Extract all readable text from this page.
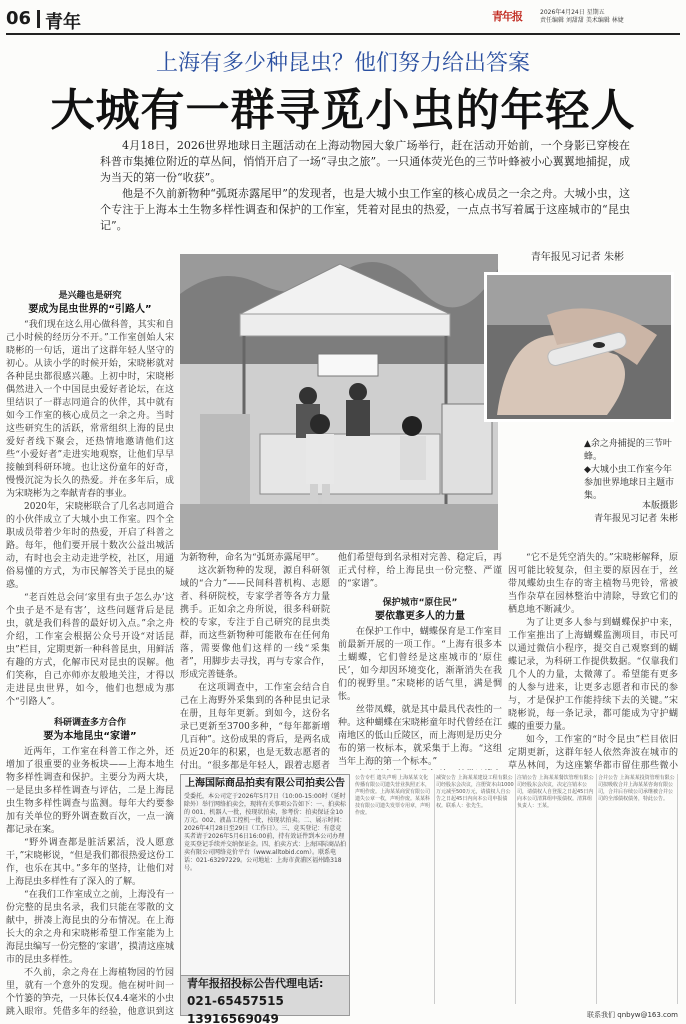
06 青年	青年报	2026年4月24日 星期五
责任编辑 刘甜甜 美术编辑 林婕
上海有多少种昆虫？他们努力给出答案
大城有一群寻觅小虫的年轻人

4月18日，2026世界地球日主题活动在上海动物园大象广场举行，赶在活动开始前，一个身影已穿梭在科普市集摊位附近的草丛间，悄悄开启了一场“寻虫之旅”。一只通体荧光色的三节叶蜂被小心翼翼地捕捉，成为当天的第一份“收获”。

他是不久前新物种“弧斑赤露尾甲”的发现者，也是大城小虫工作室的核心成员之一余之舟。大城小虫，这个专注于上海本土生物多样性调查和保护的工作室，凭着对昆虫的热爱，一点点书写着属于这座城市的“昆虫记”。

青年报见习记者 朱彬
是兴趣也是研究
要成为昆虫世界的“引路人”

“我们现在这么用心做科普，其实和自己小时候的经历分不开。”工作室创始人宋晓彬的一句话，道出了这群年轻人坚守的初心。从读小学的时候开始，宋晓彬就对各种昆虫都很感兴趣。上初中时，宋晓彬偶然进入一个中国昆虫爱好者论坛，在这里结识了一群志同道合的伙伴，其中就有如今工作室的核心成员之一余之舟。当时这些研究生的活跃，常常组织上海的昆虫爱好者线下聚会，还热情地邀请他们这些“小爱好者”走进实地观察，让他们早早接触到科研环境。也让这份童年的好奇，慢慢沉淀为长久的热爱。并在多年后，成为宋晓彬为之奉献青春的事业。

2020年，宋晓彬联合了几名志同道合的小伙伴成立了大城小虫工作室。四个全职成员带着少年时的热爱，开启了科普之路。每年，他们要开展十数次公益出城活动，有时也会主动走进学校，社区，用通俗易懂的方式，为市民解答关于昆虫的疑惑。

“老百姓总会问‘家里有虫子怎么办’这个虫子是不是有害’，这些问题背后是昆虫，就是我们科普的最好切入点。”余之舟介绍，工作室会根据公众号开设“对话昆虫”栏目，定期更新一种科普昆虫，用鲜活有趣的方式，化解市民对昆虫的误解。他们笑称，自己亦师亦友般地关注，才得以走进昆虫世界，如今，他们也想成为那个“引路人”。

科研调查多方合作
要为本地昆虫“家谱”

近两年，工作室在科普工作之外，还增加了很重要的业务板块——上海本地生物多样性调查和保护。主要分为两大块，一是昆虫多样性调查与评估，二是上海昆虫生物多样性调查与监测。每年大约要参加有关单位的野外调查数百次，一点一滴都记录在案。

“野外调查都是脏活累活，没人愿意干，”宋晓彬说，“但是我们都很热爱这份工作，也乐在其中。”多年的坚持，让他们对上海昆虫多样性有了深入的了解。

“在我们工作室成立之前，上海没有一份完整的昆虫名录，我们只能在零散的文献中，拼凑上海昆虫的分布情况。在上海长大的余之舟和宋晓彬希望工作室能为上海昆虫编写一份完整的‘家谱’，摸清这座城市的昆虫多样性。

不久前，余之舟在上海植物园的竹园里，就有一个意外的发现。他在树叶间一个竹篓的笋壳，一只体长仅4.4毫米的小虫跳入眼帘。凭借多年的经验，他意识到这

▲余之舟捕捉的三节叶蜂。
◆大城小虫工作室今年参加世界地球日主题市集。
本版摄影
青年报见习记者 朱彬

为新物种，命名为“弧斑赤露尾甲”。

这次新物种的发现，源自科研领域的“合力”——民间科普机构、志愿者、科研院校，专家学者等各方力量携手。正如余之舟所说，很多科研院校的专家，专注于自己研究的昆虫类群，而这些新物种可能散布在任何角落，需要像他们这样的一线“采集者”，用脚步去寻找，再与专家合作，形成完善链条。

在这项调查中，工作室会结合自己在上海野外采集到的各种昆虫记录在册，且每年更新。到如今，这份名录已更新至3700多种，“每年都新增几百种”。这份成果的背后，是两名成员近20年的积累，也是无数志愿者的付出。“很多都是年轻人，跟着志愿者

他们希望每到名录相对完善、稳定后，再正式付梓，给上海昆虫一份完整、严谨的“家谱”。

保护城市“原住民”
要依靠更多人的力量

在保护工作中，蝴蝶保育是工作室目前最新开展的一项工作。“上海有很多本土蝴蝶，它们曾经是这座城市的‘原住民’，如今却因环境变化，渐渐消失在我们的视野里。”宋晓彬的话气里，满是惆怅。

丝带凤蝶，就是其中最具代表性的一种。这种蝴蝶在宋晓彬童年时代曾经在江南地区的低山丘陵区，而上海则是历史分布的第一枚标本，就采集于上海。“这组当年上海的第一个标本。”

“它不是凭空消失的。”宋晓彬解释，原因可能比较复杂，但主要的原因在于，丝带凤蝶幼虫生存的寄主植物马兜铃，常被当作杂草在园林整治中清除，导致它们的栖息地不断减少。

为了让更多人参与到蝴蝶保护中来，工作室推出了上海蝴蝶监测项目，市民可以通过微信小程序，提交自己观察到的蝴蝶记录，为科研工作提供数据。“仅靠我们几个人的力量，太微薄了。希望能有更多的人参与进来，让更多志愿者和市民的参与，才是保护工作能持续下去的关键。”宋晓彬说，每一条记录，都可能成为守护蝴蝶的重要力量。

如今，工作室的“时令昆虫”栏目依旧定期更新，这群年轻人依然奔波在城市的草丛林间，为这座繁华都市留住那些微小

上海国际商品拍卖有限公司拍卖公告
受委托，本公司定于2026年5月7日（10:00-15:00时（延时除外）举行网络拍卖会，现将有关事项公告如下：一、拍卖标的 001、机器人一批，按现状拍卖，参考价：拍卖保证金10万元。002、液晶工控机一批，按现状拍卖。二、展示时间：2026年4月28日至29日（工作日）。三、竞买登记：有意竞买者请于2026年5月6日16:00前，持有效证件到本公司办理竞买登记手续并交纳保证金。四、拍卖方式：上海国际商品拍卖有限公司网络竞价平台（www.alltobid.com）。联系电话：021-63297229。公司地址：上海市黄浦区福州路318号。
青年报招投标公告代理电话:
021-65457515 13916569049
公告专栏 遗失声明 上海某某文化传播有限公司遗失营业执照正本，声明作废。上海某某商贸有限公司遗失公章一枚，声明作废。某某科技有限公司遗失发票专用章，声明作废。
减资公告 上海某某建设工程有限公司经股东会决议，注册资本由1000万元减至500万元，请债权人自公告之日起45日内向本公司申报债权。联系人：张先生。
注销公告 上海某某餐饮管理有限公司经股东会决议，决定注销本公司，请债权人自登报之日起45日内向本公司清算组申报债权。清算组负责人：王某。
合并公告 上海某某投资管理有限公司拟吸收合并上海某某咨询有限公司，合并后存续公司承继被合并公司的全部债权债务，特此公告。
联系我们 qnbyw@163.com
